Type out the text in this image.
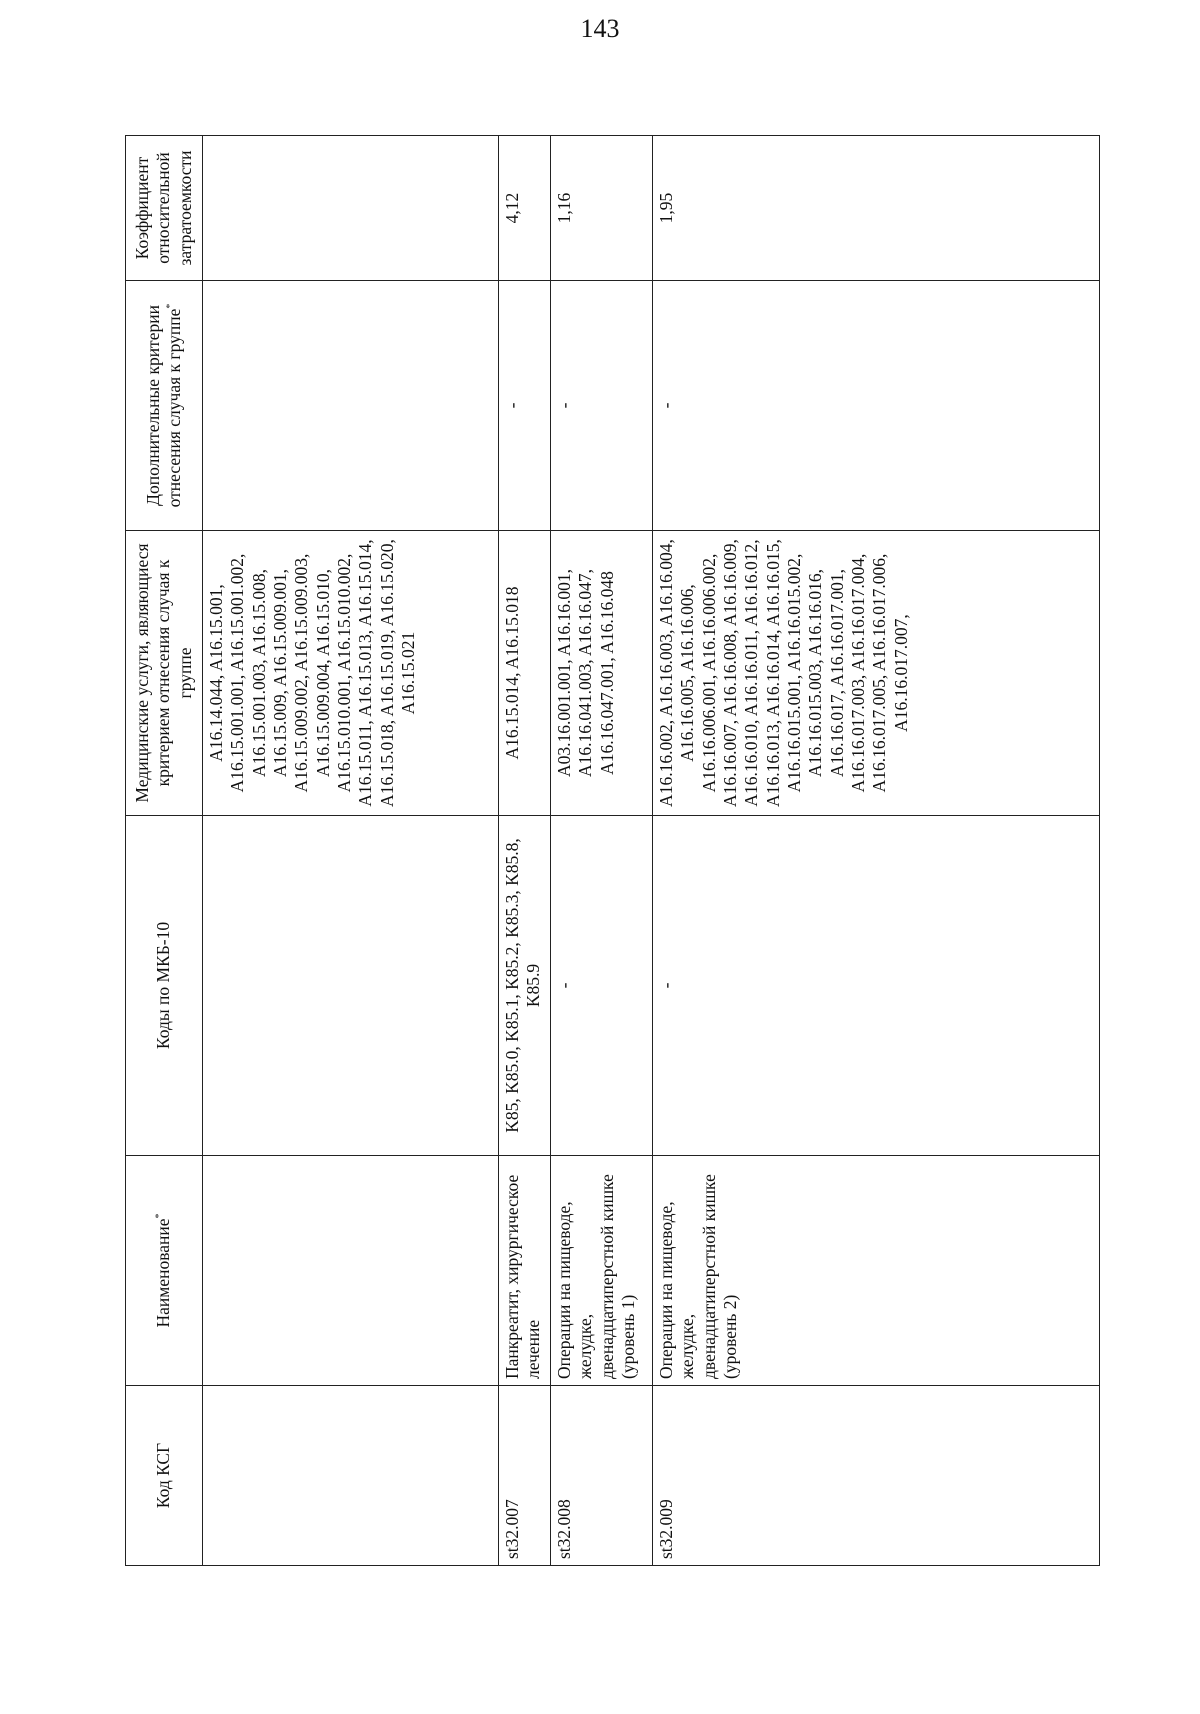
143
Код КСГ	Наименование*	Коды по МКБ-10	Медицинские услуги, являющиеся критерием отнесения случая к группе	Дополнительные критерии отнесения случая к группе*	Коэффициент относительной затратоемкости
			A16.14.044, A16.15.001, A16.15.001.001, A16.15.001.002, A16.15.001.003, A16.15.008, A16.15.009, A16.15.009.001, A16.15.009.002, A16.15.009.003, A16.15.009.004, A16.15.010, A16.15.010.001, A16.15.010.002, A16.15.011, A16.15.013, A16.15.014, A16.15.018, A16.15.019, A16.15.020, A16.15.021		
st32.007	Панкреатит, хирургическое лечение	K85, K85.0, K85.1, K85.2, K85.3, K85.8, K85.9	A16.15.014, A16.15.018	-	4,12
st32.008	Операции на пищеводе, желудке, двенадцатиперстной кишке (уровень 1)	-	A03.16.001.001, A16.16.001, A16.16.041.003, A16.16.047, A16.16.047.001, A16.16.048	-	1,16
st32.009	Операции на пищеводе, желудке, двенадцатиперстной кишке (уровень 2)	-	A16.16.002, A16.16.003, A16.16.004, A16.16.005, A16.16.006, A16.16.006.001, A16.16.006.002, A16.16.007, A16.16.008, A16.16.009, A16.16.010, A16.16.011, A16.16.012, A16.16.013, A16.16.014, A16.16.015, A16.16.015.001, A16.16.015.002, A16.16.015.003, A16.16.016, A16.16.017, A16.16.017.001, A16.16.017.003, A16.16.017.004, A16.16.017.005, A16.16.017.006, A16.16.017.007,	-	1,95
